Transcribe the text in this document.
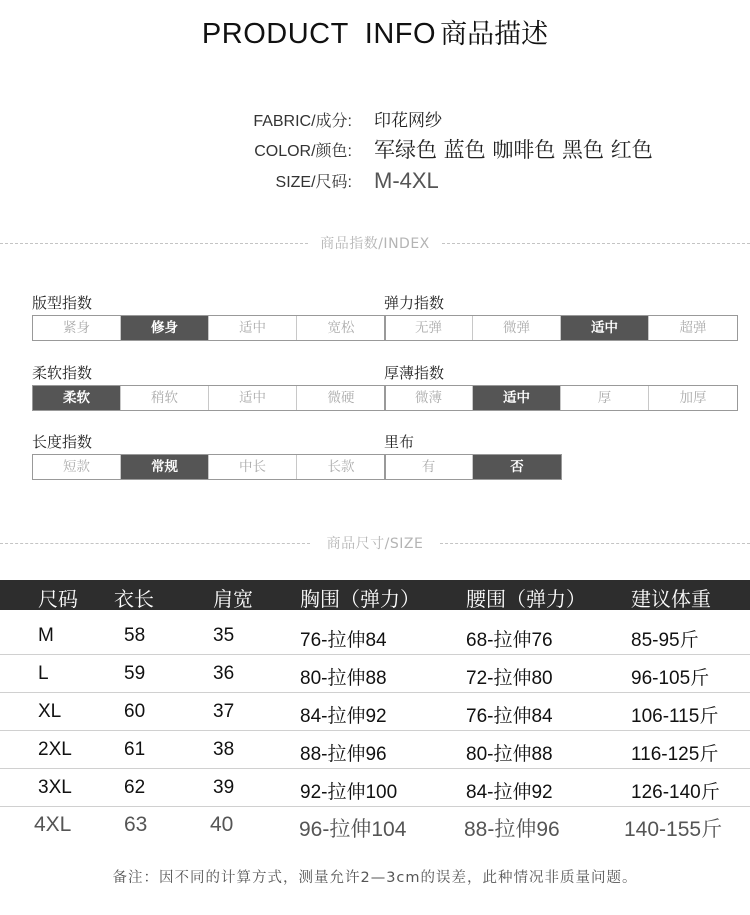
PRODUCT INFO 商品描述
FABRIC/成分: 印花网纱
COLOR/颜色: 军绿色 蓝色 咖啡色 黑色 红色
SIZE/尺码: M-4XL
商品指数/INDEX
版型指数
紧身	修身	适中	宽松
弹力指数
无弹	微弹	适中	超弹
柔软指数
柔软	稍软	适中	微硬
厚薄指数
微薄	适中	厚	加厚
长度指数
短款	常规	中长	长款
里布
有	否
商品尺寸/SIZE
尺码 衣长	肩宽 胸围（弹力） 腰围（弹力） 建议体重
M	58	35	76-拉伸84	68-拉伸76	85-95斤
L	59	36	80-拉伸88	72-拉伸80	96-105斤
XL	60	37	84-拉伸92	76-拉伸84	106-115斤
2XL	61	38	88-拉伸96	80-拉伸88	116-125斤
3XL	62	39	92-拉伸100	84-拉伸92	126-140斤
4XL	63	40	96-拉伸104	88-拉伸96	140-155斤
备注：因不同的计算方式，测量允许2—3cm的误差，此种情况非质量问题。
